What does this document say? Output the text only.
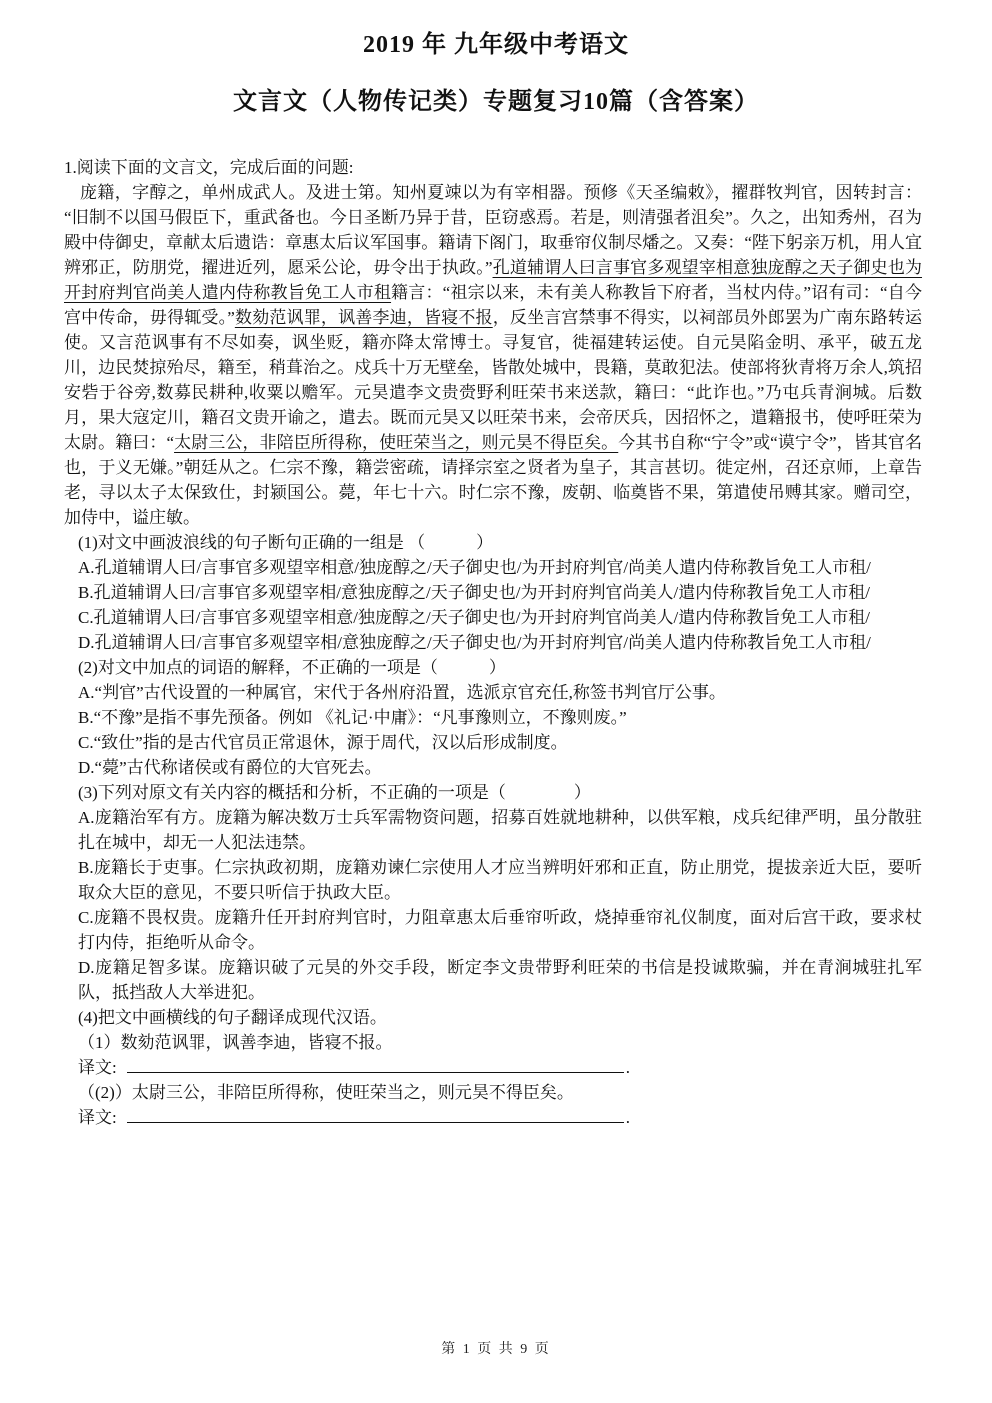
2019 年 九年级中考语文
文言文（人物传记类）专题复习10篇（含答案）

1.阅读下面的文言文，完成后面的问题:

庞籍，字醇之，单州成武人。及进士第。知州夏竦以为有宰相器。预修《天圣编敕》，擢群牧判官，因转封言：“旧制不以国马假臣下，重武备也。今日圣断乃异于昔，臣窃惑焉。若是，则清强者沮矣”。久之，出知秀州，召为殿中侍御史，章献太后遗诰：章惠太后议军国事。籍请下阁门，取垂帘仪制尽燔之。又奏：“陛下躬亲万机，用人宜辨邪正，防朋党，擢进近列，愿采公论，毋令出于执政。”孔道辅谓人曰言事官多观望宰相意独庞醇之天子御史也为开封府判官尚美人遣内侍称教旨免工人市租籍言：“祖宗以来，未有美人称教旨下府者，当杖内侍。”诏有司：“自今宫中传命，毋得辄受。”数劾范讽罪，讽善李迪，皆寝不报，反坐言宫禁事不得实，以祠部员外郎罢为广南东路转运使。又言范讽事有不尽如奏，讽坐贬，籍亦降太常博士。寻复官，徙福建转运使。自元昊陷金明、承平，破五龙川，边民焚掠殆尽，籍至，稍葺治之。戍兵十万无壁垒，皆散处城中，畏籍，莫敢犯法。使部将狄青将万余人,筑招安砦于谷旁,数募民耕种,收粟以赡军。元昊遣李文贵赍野利旺荣书来送款，籍曰：“此诈也。”乃屯兵青涧城。后数月，果大寇定川，籍召文贵开谕之，遣去。既而元昊又以旺荣书来，会帝厌兵，因招怀之，遣籍报书，使呼旺荣为太尉。籍曰：“太尉三公，非陪臣所得称，使旺荣当之，则元昊不得臣矣。今其书自称“宁令”或“谟宁令”，皆其官名也，于义无嫌。”朝廷从之。仁宗不豫，籍尝密疏，请择宗室之贤者为皇子，其言甚切。徙定州，召还京师，上章告老，寻以太子太保致仕，封颍国公。薨，年七十六。时仁宗不豫，废朝、临奠皆不果，第遣使吊赙其家。赠司空，加侍中，谥庄敏。

(1)对文中画波浪线的句子断句正确的一组是 （　　　）

A.孔道辅谓人曰/言事官多观望宰相意/独庞醇之/天子御史也/为开封府判官/尚美人遣内侍称教旨免工人市租/

B.孔道辅谓人曰/言事官多观望宰相/意独庞醇之/天子御史也/为开封府判官尚美人/遣内侍称教旨免工人市租/

C.孔道辅谓人曰/言事官多观望宰相意/独庞醇之/天子御史也/为开封府判官尚美人/遣内侍称教旨免工人市租/

D.孔道辅谓人曰/言事官多观望宰相/意独庞醇之/天子御史也/为开封府判官/尚美人遣内侍称教旨免工人市租/

(2)对文中加点的词语的解释，不正确的一项是（　　　）

A.“判官”古代设置的一种属官，宋代于各州府沿置，选派京官充任,称签书判官厅公事。

B.“不豫”是指不事先预备。例如 《礼记·中庸》：“凡事豫则立，不豫则废。”

C.“致仕”指的是古代官员正常退休，源于周代，汉以后形成制度。

D.“薨”古代称诸侯或有爵位的大官死去。

(3)下列对原文有关内容的概括和分析，不正确的一项是（　　　　）

A.庞籍治军有方。庞籍为解决数万士兵军需物资问题，招募百姓就地耕种，以供军粮，戍兵纪律严明，虽分散驻扎在城中，却无一人犯法违禁。

B.庞籍长于吏事。仁宗执政初期，庞籍劝谏仁宗使用人才应当辨明奸邪和正直，防止朋党，提拔亲近大臣，要听取众大臣的意见，不要只听信于执政大臣。

C.庞籍不畏权贵。庞籍升任开封府判官时，力阻章惠太后垂帘听政，烧掉垂帘礼仪制度，面对后宫干政，要求杖打内侍，拒绝听从命令。

D.庞籍足智多谋。庞籍识破了元昊的外交手段，断定李文贵带野利旺荣的书信是投诚欺骗，并在青涧城驻扎军队，抵挡敌人大举进犯。

(4)把文中画横线的句子翻译成现代汉语。

（1）数劾范讽罪，讽善李迪，皆寝不报。

译文:	.

（(2)）太尉三公，非陪臣所得称，使旺荣当之，则元昊不得臣矣。

译文:	.

第 1 页 共 9 页
